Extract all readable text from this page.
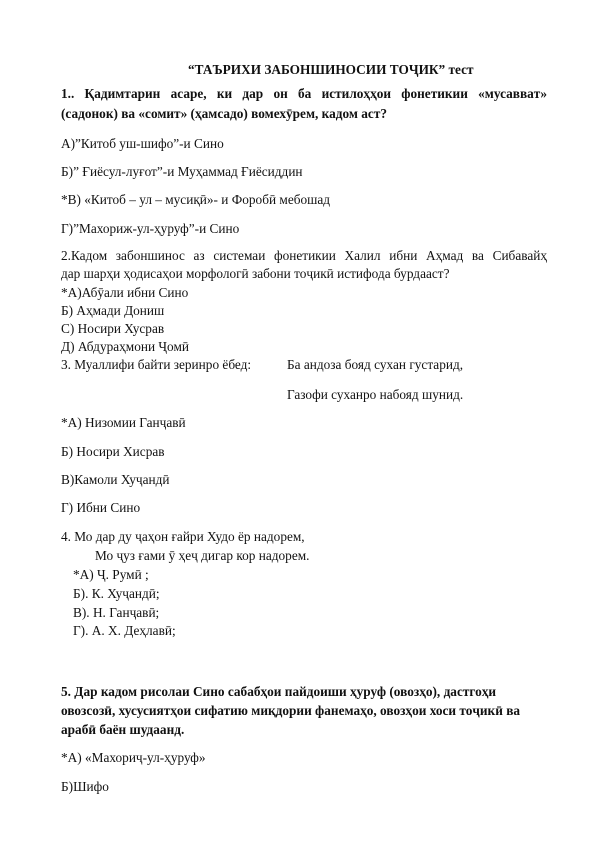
“ТАЪРИХИ ЗАБОНШИНОСИИ ТОҶИК” тест
1.. Қадимтарин асаре, ки дар он ба истилоҳҳои фонетикии «мусаввaт»
(садонок) ва «сомит» (ҳамсадо) вомехӯрем, кадом аст?
А)”Китоб уш-шифо”-и Сино
Б)” Ғиёсул-луғот”-и Муҳаммад Ғиёсиддин
*В) «Китоб – ул – мусиқӣ»- и Форобӣ мебошад
Г)”Махориж-ул-ҳуруф”-и Сино
2.Кадом забоншинос аз системаи фонетикии Халил ибни Аҳмад ва Сибавайҳ
дар шарҳи ҳодисаҳои морфологӣ забони тоҷикӣ истифода бурдааст?
*А)Абӯали ибни Сино
Б) Аҳмади Дониш
С) Носири Хусрав
Д) Абдураҳмони Ҷомӣ
3. Муаллифи байти зеринро ёбед:	Ба андоза бояд сухан густарид,
Газофи суханро набояд шунид.
*А) Низомии Ганҷавӣ
Б) Носири Хисрав
В)Камоли Хуҷандӣ
Г) Ибни Сино
4. Мо дар ду ҷаҳон ғайри Худо ёр надорем,
Мо ҷуз ғами ӯ ҳеҷ дигар кор надорем.
*А) Ҷ. Румӣ ;
Б). К. Хуҷандӣ;
В). Н. Ганҷавӣ;
Г). А. Х. Деҳлавӣ;
5. Дар кадом рисолаи Сино сабабҳои пайдоиши ҳуруф (овозҳо), дастгоҳи
овозсозӣ, хусусиятҳои сифатию миқдории фанемаҳо, овозҳои хоси тоҷикӣ ва
арабӣ баён шудаанд.
*А) «Махориҷ-ул-ҳуруф»
Б)Шифо
